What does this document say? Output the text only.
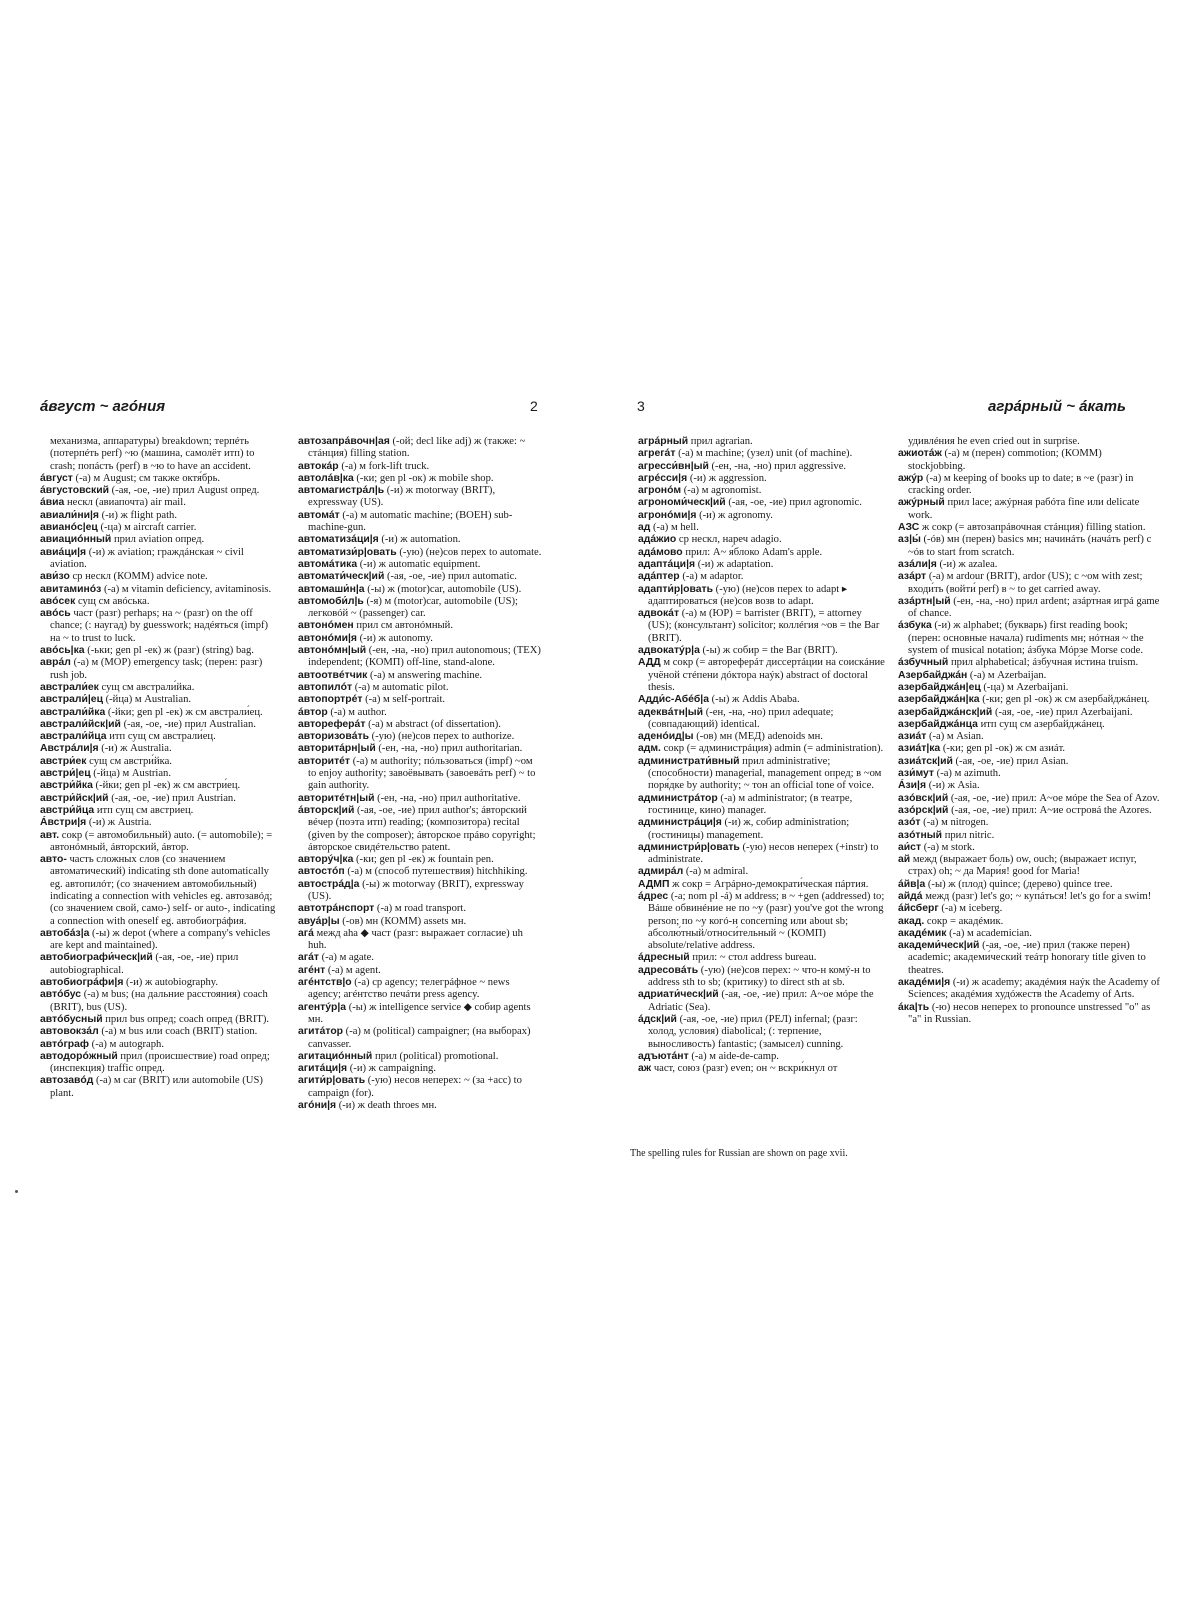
áвгуст ~ агóния	2	3	агрáрный ~ áкать

механизма, аппаратуры) breakdown; терпéть (потерпéть perf) ~ю (машина, самолёт итп) to crash; попáсть (perf) в ~ю to have an accident.

áвгуст (-а) м August; см также октя́брь.

áвгустовский (-ая, -ое, -ие) прил August опред.

áвиа нескл (авиапочта) air mail.

авиали́ни|я (-и) ж flight path.

авианóс|ец (-ца) м aircraft carrier.

авиациóнный прил aviation опред.

авиáци|я (-и) ж aviation; граждáнская ~ civil aviation.

ави́зо ср нескл (КОММ) advice note.

авитаминóз (-а) м vitamin deficiency, avitaminosis.

авóсек сущ см авóська.

авóсь част (разг) perhaps; на ~ (разг) on the off chance; (: наугад) by guesswork; надéяться (impf) на ~ to trust to luck.

авóсь|ка (-ьки; gen pl -ек) ж (разг) (string) bag.

аврáл (-а) м (МОР) emergency task; (перен: разг) rush job.

австрали́ек сущ см австрали́йка.

австрали́|ец (-йца) м Australian.

австрали́йка (-йки; gen pl -ек) ж см австрали́ец.

австрали́йск|ий (-ая, -ое, -ие) прил Australian.

австрали́йца итп сущ см австрали́ец.

Австрáли|я (-и) ж Australia.

австри́ек сущ см австри́йка.

австри́|ец (-йца) м Austrian.

австри́йка (-йки; gen pl -ек) ж см австри́ец.

австри́йск|ий (-ая, -ое, -ие) прил Austrian.

австри́йца итп сущ см австри́ец.

Áвстри|я (-и) ж Austria.

авт. сокр (= автомобильный) auto. (= automobile); = автонóмный, áвторский, áвтор.

авто- часть сложных слов (со значением автоматический) indicating sth done automatically eg. автопилóт; (со значением автомобильный) indicating a connection with vehicles eg. автозавóд; (со значением свой, само-) self- or auto-, indicating a connection with oneself eg. автобиогрáфия.

автобáз|а (-ы) ж depot (where a company's vehicles are kept and maintained).

автобиографи́ческ|ий (-ая, -ое, -ие) прил autobiographical.

автобиогрáфи|я (-и) ж autobiography.

автóбус (-а) м bus; (на дальние расстояния) coach (BRIT), bus (US).

автóбусный прил bus опред; coach опред (BRIT).

автовокзáл (-а) м bus или coach (BRIT) station.

автóграф (-а) м autograph.

автодорóжный прил (происшествие) road опред; (инспекция) traffic опред.

автозавóд (-а) м car (BRIT) или automobile (US) plant.

автозапрáвочн|ая (-ой; decl like adj) ж (также: ~ стáнция) filling station.

автокáр (-а) м fork-lift truck.

автолáв|ка (-ки; gen pl -ок) ж mobile shop.

автомагистрáл|ь (-и) ж motorway (BRIT), expressway (US).

автомáт (-а) м automatic machine; (ВОЕН) sub-machine-gun.

автоматизáци|я (-и) ж automation.

автоматизи́р|овать (-ую) (не)сов перех to automate.

автомáтика (-и) ж automatic equipment.

автомати́ческ|ий (-ая, -ое, -ие) прил automatic.

автомаши́н|а (-ы) ж (motor)car, automobile (US).

автомоби́л|ь (-я) м (motor)car, automobile (US); легковóй ~ (passenger) car.

автонóмен прил см автонóмный.

автонóми|я (-и) ж autonomy.

автонóмн|ый (-ен, -на, -но) прил autonomous; (ТЕХ) independent; (КОМП) off-line, stand-alone.

автоотвéтчик (-а) м answering machine.

автопилóт (-а) м automatic pilot.

автопортрéт (-а) м self-portrait.

áвтор (-а) м author.

автореферáт (-а) м abstract (of dissertation).

авторизовáть (-ую) (не)сов перех to authorize.

авторитáрн|ый (-ен, -на, -но) прил authoritarian.

авторитéт (-а) м authority; пóльзоваться (impf) ~ом to enjoy authority; завоёвывать (завоевáть perf) ~ to gain authority.

авторитéтн|ый (-ен, -на, -но) прил authoritative.

áвторск|ий (-ая, -ое, -ие) прил author's; áвторский вéчер (поэта итп) reading; (композитора) recital (given by the composer); áвторское прáво copyright; áвторское свидéтельство patent.

авторýч|ка (-ки; gen pl -ек) ж fountain pen.

автостóп (-а) м (способ путешествия) hitchhiking.

автострáд|а (-ы) ж motorway (BRIT), expressway (US).

автотрáнспорт (-а) м road transport.

авуáр|ы (-ов) мн (КОММ) assets мн.

агá межд aha ◆ част (разг: выражает согласие) uh huh.

агáт (-а) м agate.

агéнт (-а) м agent.

агéнтств|о (-а) ср agency; телегрáфное ~ news agency; агéнтство печáти press agency.

агентýр|а (-ы) ж intelligence service ◆ собир agents мн.

агитáтор (-а) м (political) campaigner; (на выборах) canvasser.

агитациóнный прил (political) promotional.

агитáци|я (-и) ж campaigning.

агити́р|овать (-ую) несов неперех: ~ (за +acc) to campaign (for).

агóни|я (-и) ж death throes мн.

агрáрный прил agrarian.

агрегáт (-а) м machine; (узел) unit (of machine).

агресси́вн|ый (-ен, -на, -но) прил aggressive.

агрéсси|я (-и) ж aggression.

агронóм (-а) м agronomist.

агрономи́ческ|ий (-ая, -ое, -ие) прил agronomic.

агронóми|я (-и) ж agronomy.

ад (-а) м hell.

адáжио ср нескл, нареч adagio.

адáмово прил: А~ я́блоко Adam's apple.

адаптáци|я (-и) ж adaptation.

адáптер (-а) м adaptor.

адапти́р|овать (-ую) (не)сов перех to adapt ▸ адапти́роваться (не)сов возв to adapt.

адвокáт (-а) м (ЮР) = barrister (BRIT), = attorney (US); (консультант) solicitor; коллéгия ~ов = the Bar (BRIT).

адвокатýр|а (-ы) ж собир = the Bar (BRIT).

АДД м сокр (= автореферáт диссертáции на соискáние учёной стéпени дóктора наýк) abstract of doctoral thesis.

Адди́с-Абéб|а (-ы) ж Addis Ababa.

адеквáтн|ый (-ен, -на, -но) прил adequate; (совпадающий) identical.

аденóид|ы (-ов) мн (МЕД) adenoids мн.

адм. сокр (= администрáция) admin (= administration).

администрати́вный прил administrative; (способности) managerial, management опред; в ~ом поря́дке by authority; ~ тон an official tone of voice.

администрáтор (-а) м administrator; (в театре, гостинице, кино) manager.

администрáци|я (-и) ж, собир administration; (гостиницы) management.

администри́р|овать (-ую) несов неперех (+instr) to administrate.

адмирáл (-а) м admiral.

АДМП ж сокр = Агрáрно-демократи́ческая пáртия.

áдрес (-а; nom pl -á) м address; в ~ +gen (addressed) to; Вáше обвинéние не по ~у (разг) you've got the wrong person; по ~у когó-н concerning или about sb; абсолю́тный/относи́тельный ~ (КОМП) absolute/relative address.

áдресный прил: ~ стол address bureau.

адресовáть (-ую) (не)сов перех: ~ что-н комý-н to address sth to sb; (критику) to direct sth at sb.

адриати́ческ|ий (-ая, -ое, -ие) прил: А~ое мóре the Adriatic (Sea).

áдск|ий (-ая, -ое, -ие) прил (РЕЛ) infernal; (разг: холод, условия) diabolical; (: терпение, выносливость) fantastic; (замысел) cunning.

адъютáнт (-а) м aide-de-camp.

аж част, союз (разг) even; он ~ вскри́кнул от

удивлéния he even cried out in surprise.

ажиотáж (-а) м (перен) commotion; (КОММ) stockjobbing.

ажýр (-а) м keeping of books up to date; в ~е (разг) in cracking order.

ажýрный прил lace; ажýрная рабóта fine или delicate work.

АЗС ж сокр (= автозапрáвочная стáнция) filling station.

аз|ы́ (-óв) мн (перен) basics мн; начинáть (начáть perf) с ~óв to start from scratch.

азáли|я (-и) ж azalea.

азáрт (-а) м ardour (BRIT), ardor (US); с ~ом with zest; входи́ть (войти́ perf) в ~ to get carried away.

азáртн|ый (-ен, -на, -но) прил ardent; азáртная игрá game of chance.

áзбука (-и) ж alphabet; (букварь) first reading book; (перен: основные начала) rudiments мн; нóтная ~ the system of musical notation; áзбука Мóрзе Morse code.

áзбучный прил alphabetical; áзбучная и́стина truism.

Азербайджáн (-а) м Azerbaijan.

азербайджáн|ец (-ца) м Azerbaijani.

азербайджáн|ка (-ки; gen pl -ок) ж см азербайджáнец.

азербайджáнск|ий (-ая, -ое, -ие) прил Azerbaijani.

азербайджáнца итп сущ см азербайджáнец.

азиáт (-а) м Asian.

азиáт|ка (-ки; gen pl -ок) ж см азиáт.

азиáтск|ий (-ая, -ое, -ие) прил Asian.

ази́мут (-а) м azimuth.

Áзи|я (-и) ж Asia.

азóвск|ий (-ая, -ое, -ие) прил: А~ое мóре the Sea of Azov.

азóрск|ий (-ая, -ое, -ие) прил: А~ие островá the Azores.

азóт (-а) м nitrogen.

азóтный прил nitric.

аи́ст (-а) м stork.

ай межд (выражает боль) ow, ouch; (выражает испуг, страх) oh; ~ да Мари́я! good for Maria!

áйв|а (-ы) ж (плод) quince; (дерево) quince tree.

айдá межд (разг) let's go; ~ купáться! let's go for a swim!

áйсберг (-а) м iceberg.

акад. сокр = акадéмик.

акадéмик (-а) м academician.

академи́ческ|ий (-ая, -ое, -ие) прил (также перен) academic; академи́ческий теáтр honorary title given to theatres.

акадéми|я (-и) ж academy; акадéмия наýк the Academy of Sciences; акадéмия худóжеств the Academy of Arts.

áка|ть (-ю) несов неперех to pronounce unstressed "o" as "a" in Russian.

The spelling rules for Russian are shown on page xvii.
